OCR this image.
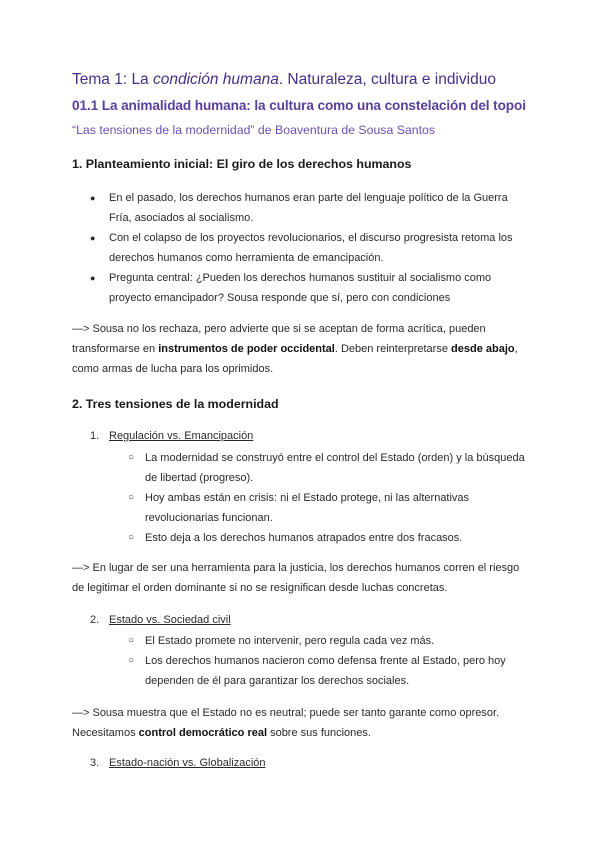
Tema 1: La condición humana. Naturaleza, cultura e individuo
01.1 La animalidad humana: la cultura como una constelación del topoi
“Las tensiones de la modernidad” de Boaventura de Sousa Santos
1. Planteamiento inicial: El giro de los derechos humanos
● En el pasado, los derechos humanos eran parte del lenguaje político de la Guerra Fría, asociados al socialismo.
● Con el colapso de los proyectos revolucionarios, el discurso progresista retoma los derechos humanos como herramienta de emancipación.
● Pregunta central: ¿Pueden los derechos humanos sustituir al socialismo como proyecto emancipador? Sousa responde que sí, pero con condiciones

—> Sousa no los rechaza, pero advierte que si se aceptan de forma acrítica, pueden transformarse en instrumentos de poder occidental. Deben reinterpretarse desde abajo, como armas de lucha para los oprimidos.

2. Tres tensiones de la modernidad
1. Regulación vs. Emancipación
○ La modernidad se construyó entre el control del Estado (orden) y la búsqueda de libertad (progreso).
○ Hoy ambas están en crisis: ni el Estado protege, ni las alternativas revolucionarias funcionan.
○ Esto deja a los derechos humanos atrapados entre dos fracasos.

—> En lugar de ser una herramienta para la justicia, los derechos humanos corren el riesgo de legitimar el orden dominante si no se resignifican desde luchas concretas.

2. Estado vs. Sociedad civil
○ El Estado promete no intervenir, pero regula cada vez más.
○ Los derechos humanos nacieron como defensa frente al Estado, pero hoy dependen de él para garantizar los derechos sociales.

—> Sousa muestra que el Estado no es neutral; puede ser tanto garante como opresor. Necesitamos control democrático real sobre sus funciones.

3. Estado-nación vs. Globalización
